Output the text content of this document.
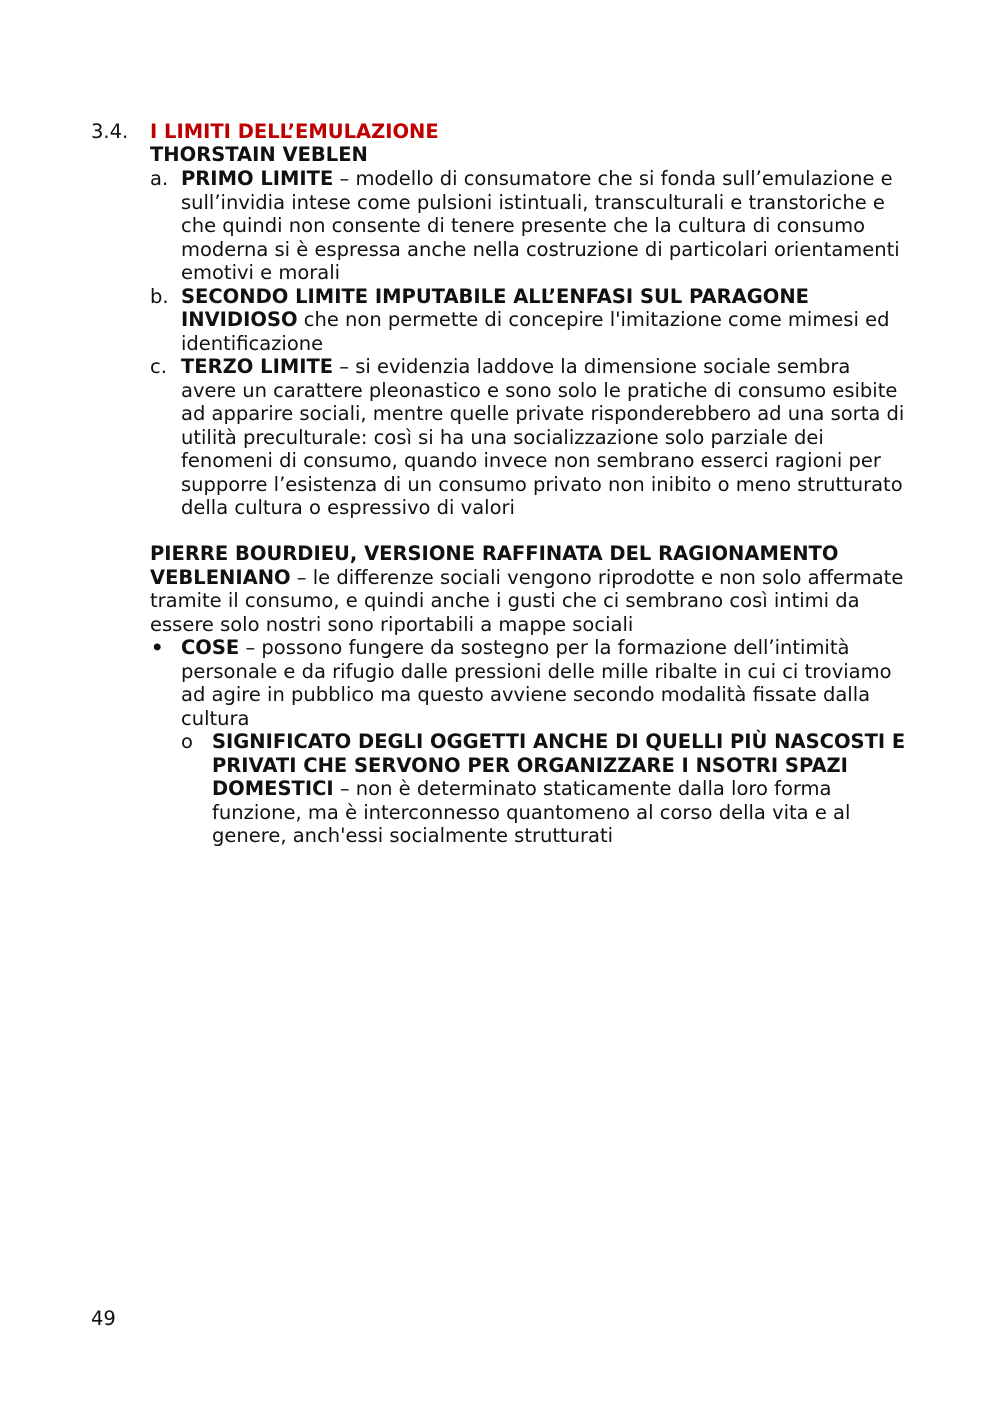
3.4. I LIMITI DELL’EMULAZIONE
THORSTAIN VEBLEN
a. PRIMO LIMITE – modello di consumatore che si fonda sull’emulazione e sull’invidia intese come pulsioni istintuali, transculturali e transtoriche e che quindi non consente di tenere presente che la cultura di consumo moderna si è espressa anche nella costruzione di particolari orientamenti emotivi e morali
b. SECONDO LIMITE IMPUTABILE ALL’ENFASI SUL PARAGONE INVIDIOSO che non permette di concepire l'imitazione come mimesi ed identificazione
c. TERZO LIMITE – si evidenzia laddove la dimensione sociale sembra avere un carattere pleonastico e sono solo le pratiche di consumo esibite ad apparire sociali, mentre quelle private risponderebbero ad una sorta di utilità preculturale: così si ha una socializzazione solo parziale dei fenomeni di consumo, quando invece non sembrano esserci ragioni per supporre l’esistenza di un consumo privato non inibito o meno strutturato della cultura o espressivo di valori
PIERRE BOURDIEU, VERSIONE RAFFINATA DEL RAGIONAMENTO VEBLENIANO – le differenze sociali vengono riprodotte e non solo affermate tramite il consumo, e quindi anche i gusti che ci sembrano così intimi da essere solo nostri sono riportabili a mappe sociali
• COSE – possono fungere da sostegno per la formazione dell’intimità personale e da rifugio dalle pressioni delle mille ribalte in cui ci troviamo ad agire in pubblico ma questo avviene secondo modalità fissate dalla cultura
o SIGNIFICATO DEGLI OGGETTI ANCHE DI QUELLI PIÙ NASCOSTI E PRIVATI CHE SERVONO PER ORGANIZZARE I NSOTRI SPAZI DOMESTICI – non è determinato staticamente dalla loro forma funzione, ma è interconnesso quantomeno al corso della vita e al genere, anch'essi socialmente strutturati
49
